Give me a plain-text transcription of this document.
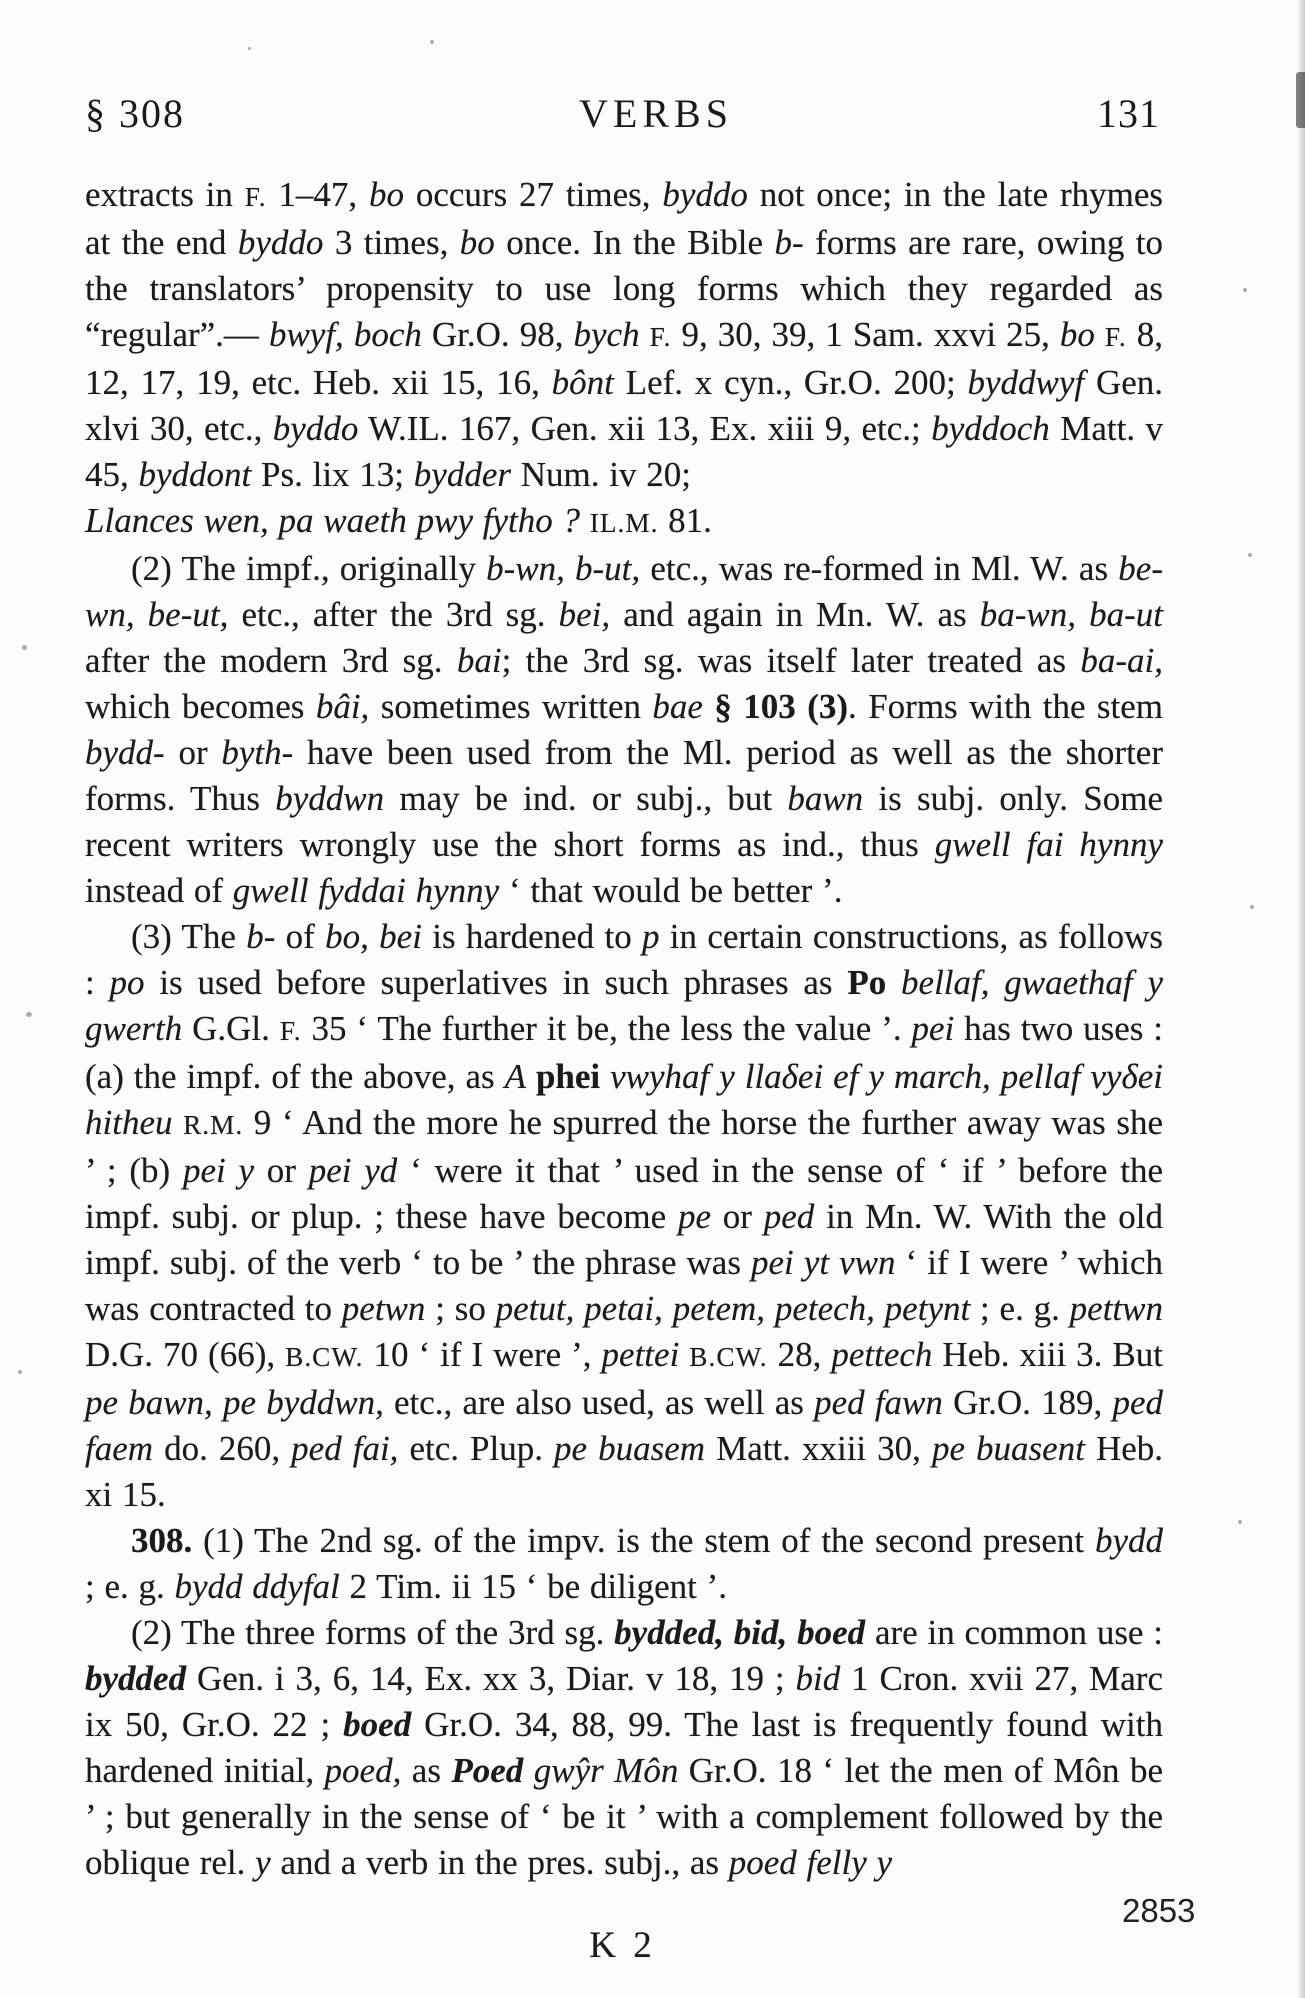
§ 308	VERBS	131

extracts in F. 1–47, bo occurs 27 times, byddo not once; in the late rhymes at the end byddo 3 times, bo once. In the Bible b- forms are rare, owing to the translators’ propensity to use long forms which they regarded as “regular”.— bwyf, boch Gr.O. 98, bych F. 9, 30, 39, 1 Sam. xxvi 25, bo F. 8, 12, 17, 19, etc. Heb. xii 15, 16, bônt Lef. x cyn., Gr.O. 200; byddwyf Gen. xlvi 30, etc., byddo W.IL. 167, Gen. xii 13, Ex. xiii 9, etc.; byddoch Matt. v 45, byddont Ps. lix 13; bydder Num. iv 20;

Llances wen, pa waeth pwy fytho ? IL.M. 81.

(2) The impf., originally b-wn, b-ut, etc., was re-formed in Ml. W. as be-wn, be-ut, etc., after the 3rd sg. bei, and again in Mn. W. as ba-wn, ba-ut after the modern 3rd sg. bai; the 3rd sg. was itself later treated as ba-ai, which becomes bâi, sometimes written bae § 103 (3). Forms with the stem bydd- or byth- have been used from the Ml. period as well as the shorter forms. Thus byddwn may be ind. or subj., but bawn is subj. only. Some recent writers wrongly use the short forms as ind., thus gwell fai hynny instead of gwell fyddai hynny ‘ that would be better ’.

(3) The b- of bo, bei is hardened to p in certain constructions, as follows : po is used before superlatives in such phrases as Po bellaf, gwaethaf y gwerth G.Gl. F. 35 ‘ The further it be, the less the value ’. pei has two uses : (a) the impf. of the above, as A phei vwyhaf y llaδei ef y march, pellaf vyδei hitheu R.M. 9 ‘ And the more he spurred the horse the further away was she ’ ; (b) pei y or pei yd ‘ were it that ’ used in the sense of ‘ if ’ before the impf. subj. or plup. ; these have become pe or ped in Mn. W. With the old impf. subj. of the verb ‘ to be ’ the phrase was pei yt vwn ‘ if I were ’ which was contracted to petwn ; so petut, petai, petem, petech, petynt ; e. g. pettwn D.G. 70 (66), B.CW. 10 ‘ if I were ’, pettei B.CW. 28, pettech Heb. xiii 3. But pe bawn, pe byddwn, etc., are also used, as well as ped fawn Gr.O. 189, ped faem do. 260, ped fai, etc. Plup. pe buasem Matt. xxiii 30, pe buasent Heb. xi 15.

308. (1) The 2nd sg. of the impv. is the stem of the second present bydd ; e. g. bydd ddyfal 2 Tim. ii 15 ‘ be diligent ’.

(2) The three forms of the 3rd sg. bydded, bid, boed are in common use : bydded Gen. i 3, 6, 14, Ex. xx 3, Diar. v 18, 19 ; bid 1 Cron. xvii 27, Marc ix 50, Gr.O. 22 ; boed Gr.O. 34, 88, 99. The last is frequently found with hardened initial, poed, as Poed gwŷr Môn Gr.O. 18 ‘ let the men of Môn be ’ ; but generally in the sense of ‘ be it ’ with a complement followed by the oblique rel. y and a verb in the pres. subj., as poed felly y

K 2
2853
